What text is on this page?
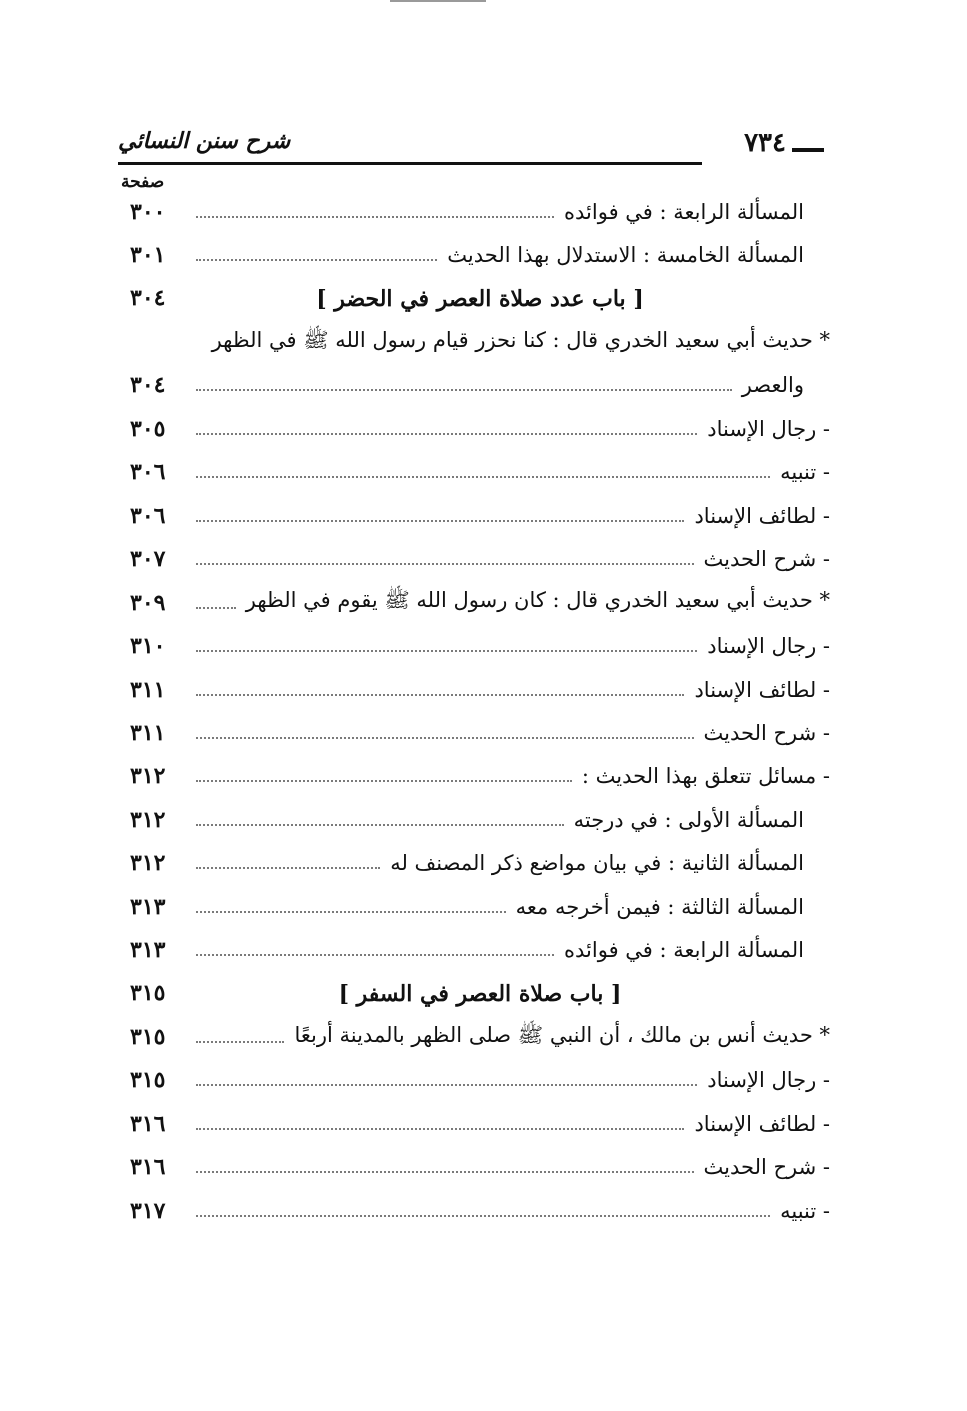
شرح سنن النسائي	٧٣٤
صفحة
المسألة الرابعة : في فوائده
٣٠٠
المسألة الخامسة : الاستدلال بهذا الحديث
٣٠١
[ باب عدد صلاة العصر في الحضر ]
٣٠٤
* حديث أبي سعيد الخدري قال : كنا نحزر قيام رسول الله ﷺ في الظهر
والعصر
٣٠٤
- رجال الإسناد
٣٠٥
- تنبيه
٣٠٦
- لطائف الإسناد
٣٠٦
- شرح الحديث
٣٠٧
* حديث أبي سعيد الخدري قال : كان رسول الله ﷺ يقوم في الظهر
٣٠٩
- رجال الإسناد
٣١٠
- لطائف الإسناد
٣١١
- شرح الحديث
٣١١
- مسائل تتعلق بهذا الحديث :
٣١٢
المسألة الأولى : في درجته
٣١٢
المسألة الثانية : في بيان مواضع ذكر المصنف له
٣١٢
المسألة الثالثة : فيمن أخرجه معه
٣١٣
المسألة الرابعة : في فوائده
٣١٣
[ باب صلاة العصر في السفر ]
٣١٥
* حديث أنس بن مالك ، أن النبي ﷺ صلى الظهر بالمدينة أربعًا
٣١٥
- رجال الإسناد
٣١٥
- لطائف الإسناد
٣١٦
- شرح الحديث
٣١٦
- تنبيه
٣١٧
